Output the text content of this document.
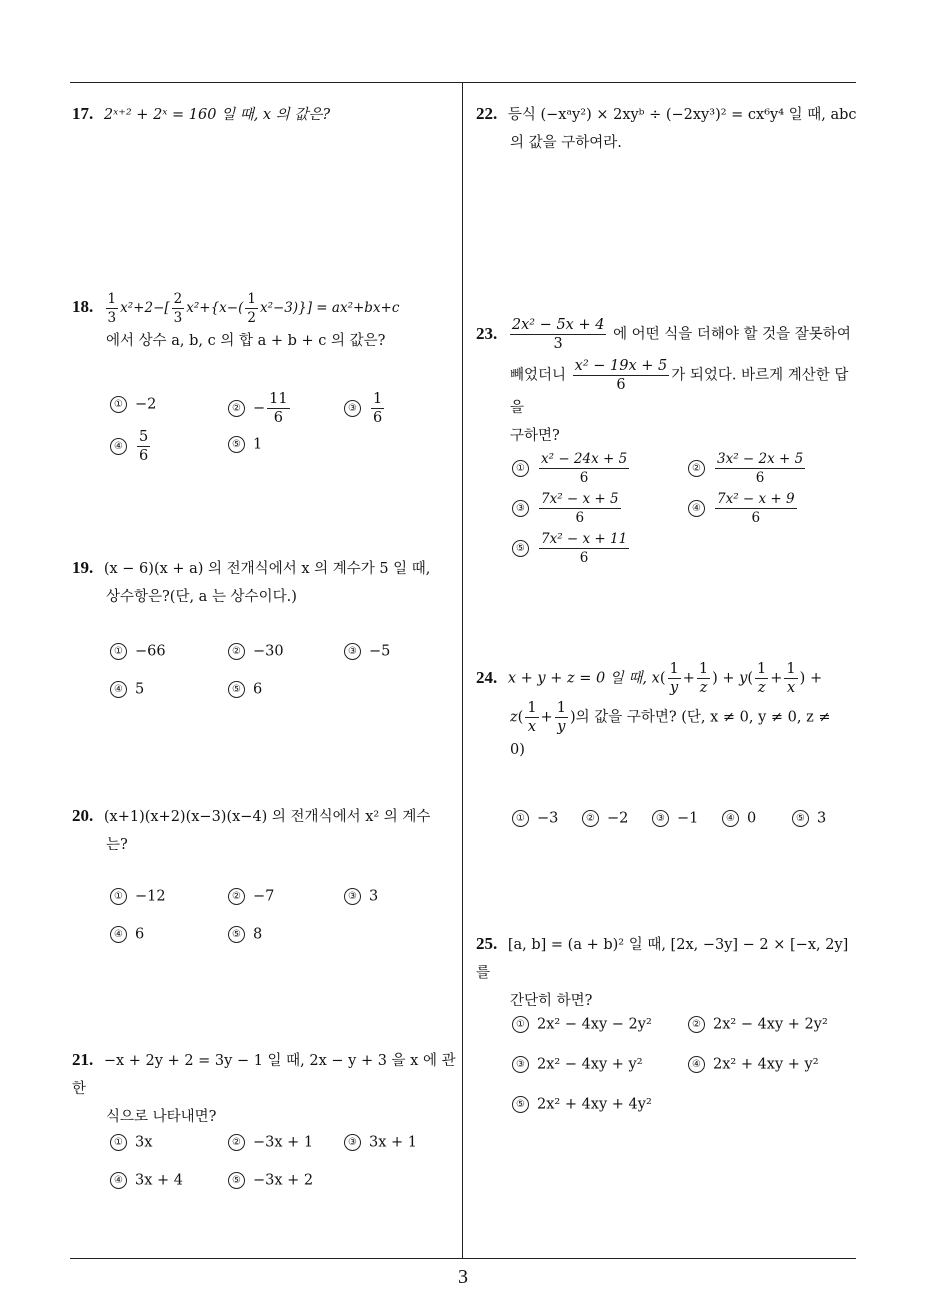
17. 2ˣ⁺² + 2ˣ = 160 일 때, x 의 값은?
18. $\frac{1}{3} x^2+2-[ \frac{2}{3} x^2+\{x-( \frac{1}{2} x^2-3)\}] = ax^2+bx+c$
에서 상수 a, b, c 의 합 a + b + c 의 값은?
① −2	② − $\frac{11}{6}$	③ $\frac{1}{6}$
④ $\frac{5}{6}$	⑤ 1
19. (x − 6)(x + a) 의 전개식에서 x 의 계수가 5 일 때,
상수항은?(단, a 는 상수이다.)
① −66	② −30	③ −5
④ 5	⑤ 6
20. (x+1)(x+2)(x−3)(x−4) 의 전개식에서 x² 의 계수
는?
① −12	② −7	③ 3
④ 6	⑤ 8
21. −x + 2y + 2 = 3y − 1 일 때, 2x − y + 3 을 x 에 관한
식으로 나타내면?
① 3x	② −3x + 1	③ 3x + 1
④ 3x + 4	⑤ −3x + 2
22. 등식 (−xᵃy²) × 2xyᵇ ÷ (−2xy³)² = cx⁶y⁴ 일 때, abc
의 값을 구하여라.
23. $\frac{\text{2x² − 5x + 4}}{3}$ 에 어떤 식을 더해야 할 것을 잘못하여
빼었더니 $\frac{\text{x² − 19x + 5}}{6}$ 가 되었다. 바르게 계산한 답을
구하면?
① $\frac{\text{x² − 24x + 5}}{6}$	② $\frac{\text{3x² − 2x + 5}}{6}$
③ $\frac{\text{7x² − x + 5}}{6}$	④ $\frac{\text{7x² − x + 9}}{6}$
⑤ $\frac{\text{7x² − x + 11}}{6}$
24. x + y + z = 0 일 때, $x( \frac{1}{y} + \frac{1}{z}$ ) + $y( \frac{1}{z} + \frac{1}{x}$ ) +
$z( \frac{1}{x} + \frac{1}{y}$ )의 값을 구하면? (단, x ≠ 0, y ≠ 0, z ≠
0)
① −3	② −2	③ −1	④ 0	⑤ 3
25. [a, b] = (a + b)² 일 때, [2x, −3y] − 2 × [−x, 2y] 를
간단히 하면?
① 2x² − 4xy − 2y²	② 2x² − 4xy + 2y²
③ 2x² − 4xy + y²	④ 2x² + 4xy + y²
⑤ 2x² + 4xy + 4y²
3
